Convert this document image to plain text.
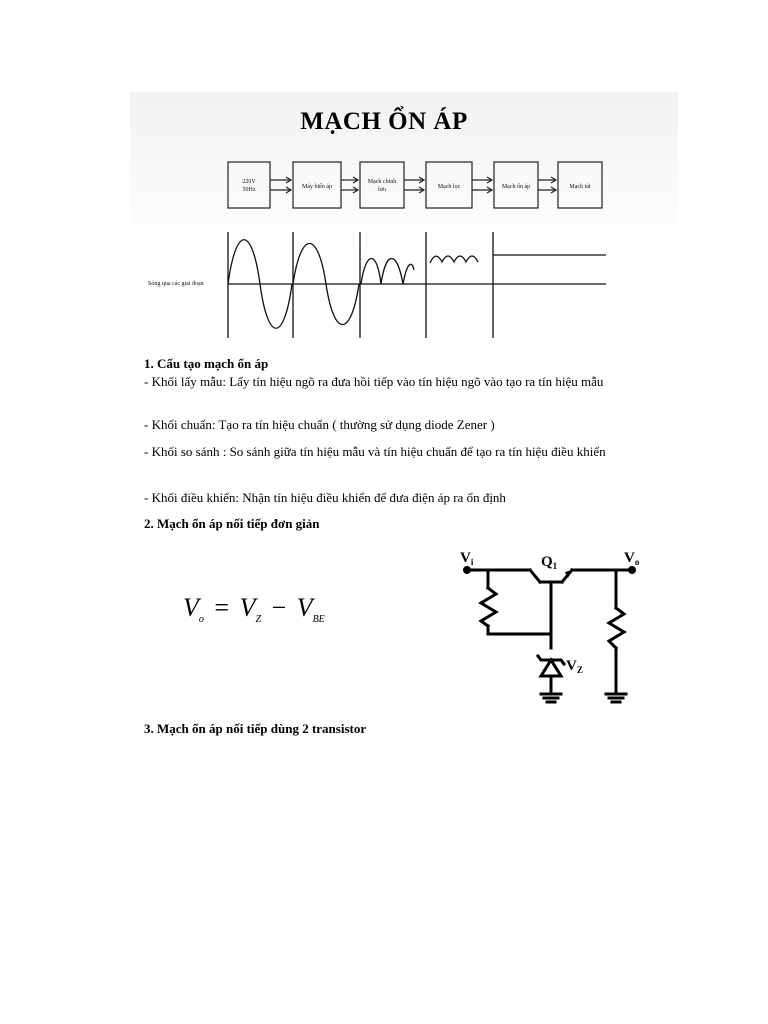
MẠCH ỔN ÁP
220V
50Hz	Máy biến áp
Mạch chỉnh
lưu	Mạch lọc	Mạch ổn áp	Mạch tải
Sóng qua các giai đoạn
1. Cấu tạo mạch ổn áp
- Khối lấy mẫu: Lấy tín hiệu ngõ ra đưa hồi tiếp vào tín hiệu ngõ vào tạo ra tín hiệu mẫu
- Khối chuẩn: Tạo ra tín hiệu chuẩn ( thường sử dụng diode Zener )
- Khối so sánh : So sánh giữa tín hiệu mẫu và tín hiệu chuẩn để tạo ra tín hiệu điều khiển
- Khối điều khiển: Nhận tín hiệu điều khiển để đưa điện áp ra ổn định
2. Mạch ổn áp nối tiếp đơn giản
$V_o = V_Z - V_{BE}$
$V_i$	$Q_1$	$V_o$
$V_Z$
3. Mạch ổn áp nối tiếp dùng 2 transistor
